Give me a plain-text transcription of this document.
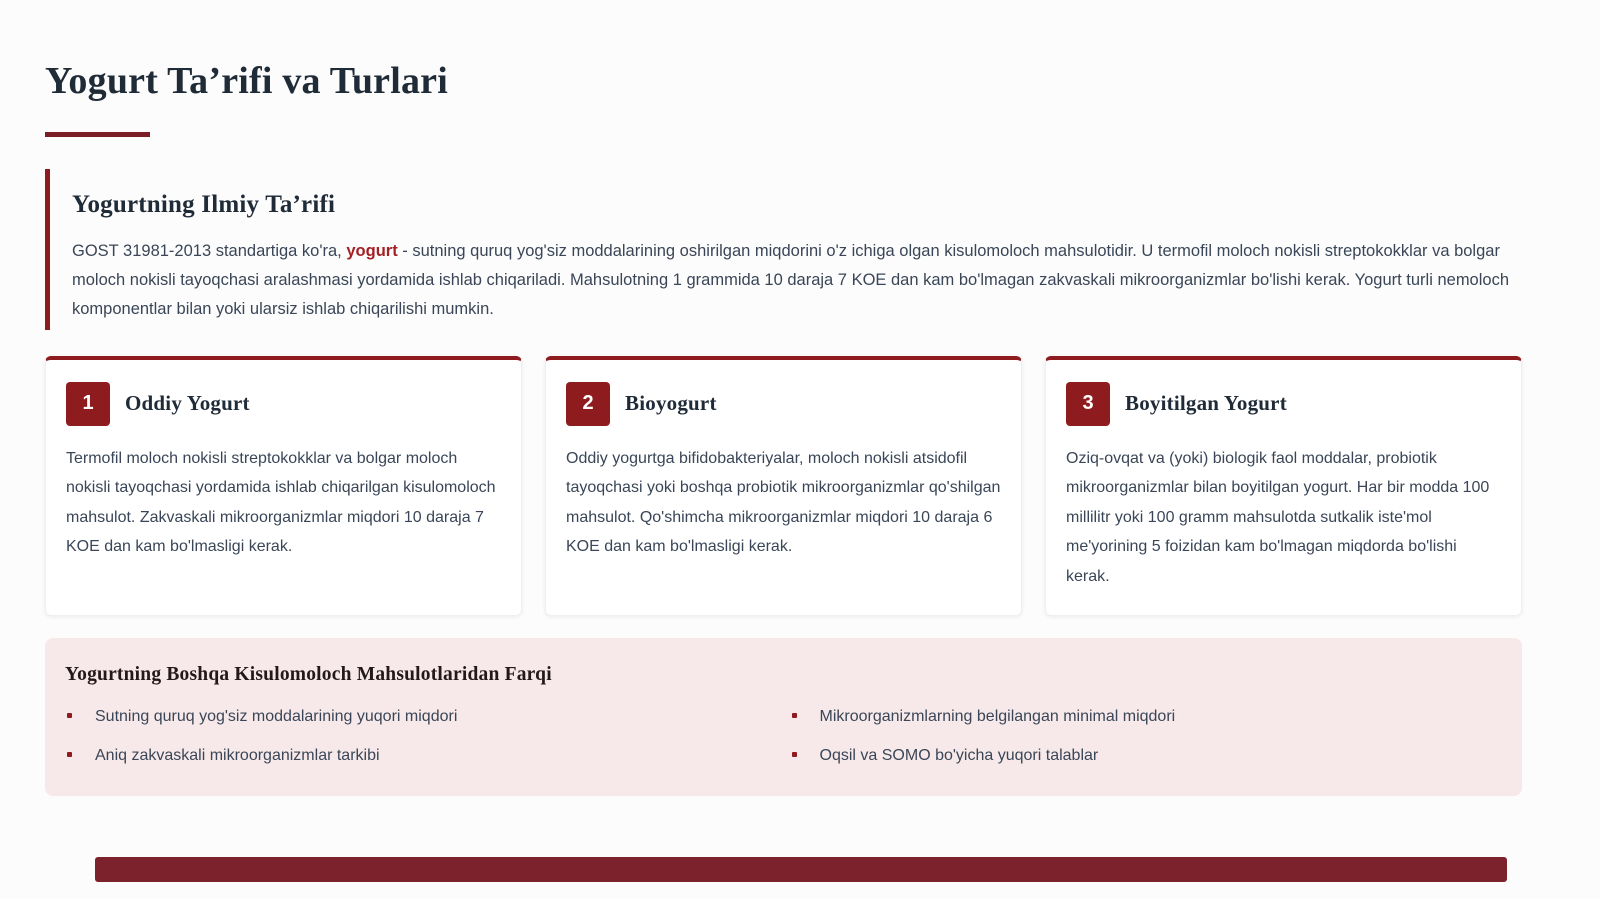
Yogurt Ta’rifi va Turlari
Yogurtning Ilmiy Ta’rifi

GOST 31981-2013 standartiga ko'ra, yogurt - sutning quruq yog'siz moddalarining oshirilgan miqdorini o'z ichiga olgan kisulomoloch mahsulotidir. U termofil moloch nokisli streptokokklar va bolgar moloch nokisli tayoqchasi aralashmasi yordamida ishlab chiqariladi. Mahsulotning 1 grammida 10 daraja 7 KOE dan kam bo'lmagan zakvaskali mikroorganizmlar bo'lishi kerak. Yogurt turli nemoloch komponentlar bilan yoki ularsiz ishlab chiqarilishi mumkin.

1	Oddiy Yogurt
Termofil moloch nokisli streptokokklar va bolgar moloch nokisli tayoqchasi yordamida ishlab chiqarilgan kisulomoloch mahsulot. Zakvaskali mikroorganizmlar miqdori 10 daraja 7 KOE dan kam bo'lmasligi kerak.
2	Bioyogurt
Oddiy yogurtga bifidobakteriyalar, moloch nokisli atsidofil tayoqchasi yoki boshqa probiotik mikroorganizmlar qo'shilgan mahsulot. Qo'shimcha mikroorganizmlar miqdori 10 daraja 6 KOE dan kam bo'lmasligi kerak.
3	Boyitilgan Yogurt
Oziq-ovqat va (yoki) biologik faol moddalar, probiotik mikroorganizmlar bilan boyitilgan yogurt. Har bir modda 100 millilitr yoki 100 gramm mahsulotda sutkalik iste'mol me'yorining 5 foizidan kam bo'lmagan miqdorda bo'lishi kerak.
Yogurtning Boshqa Kisulomoloch Mahsulotlaridan Farqi
Sutning quruq yog'siz moddalarining yuqori miqdori
Aniq zakvaskali mikroorganizmlar tarkibi
Mikroorganizmlarning belgilangan minimal miqdori
Oqsil va SOMO bo'yicha yuqori talablar
